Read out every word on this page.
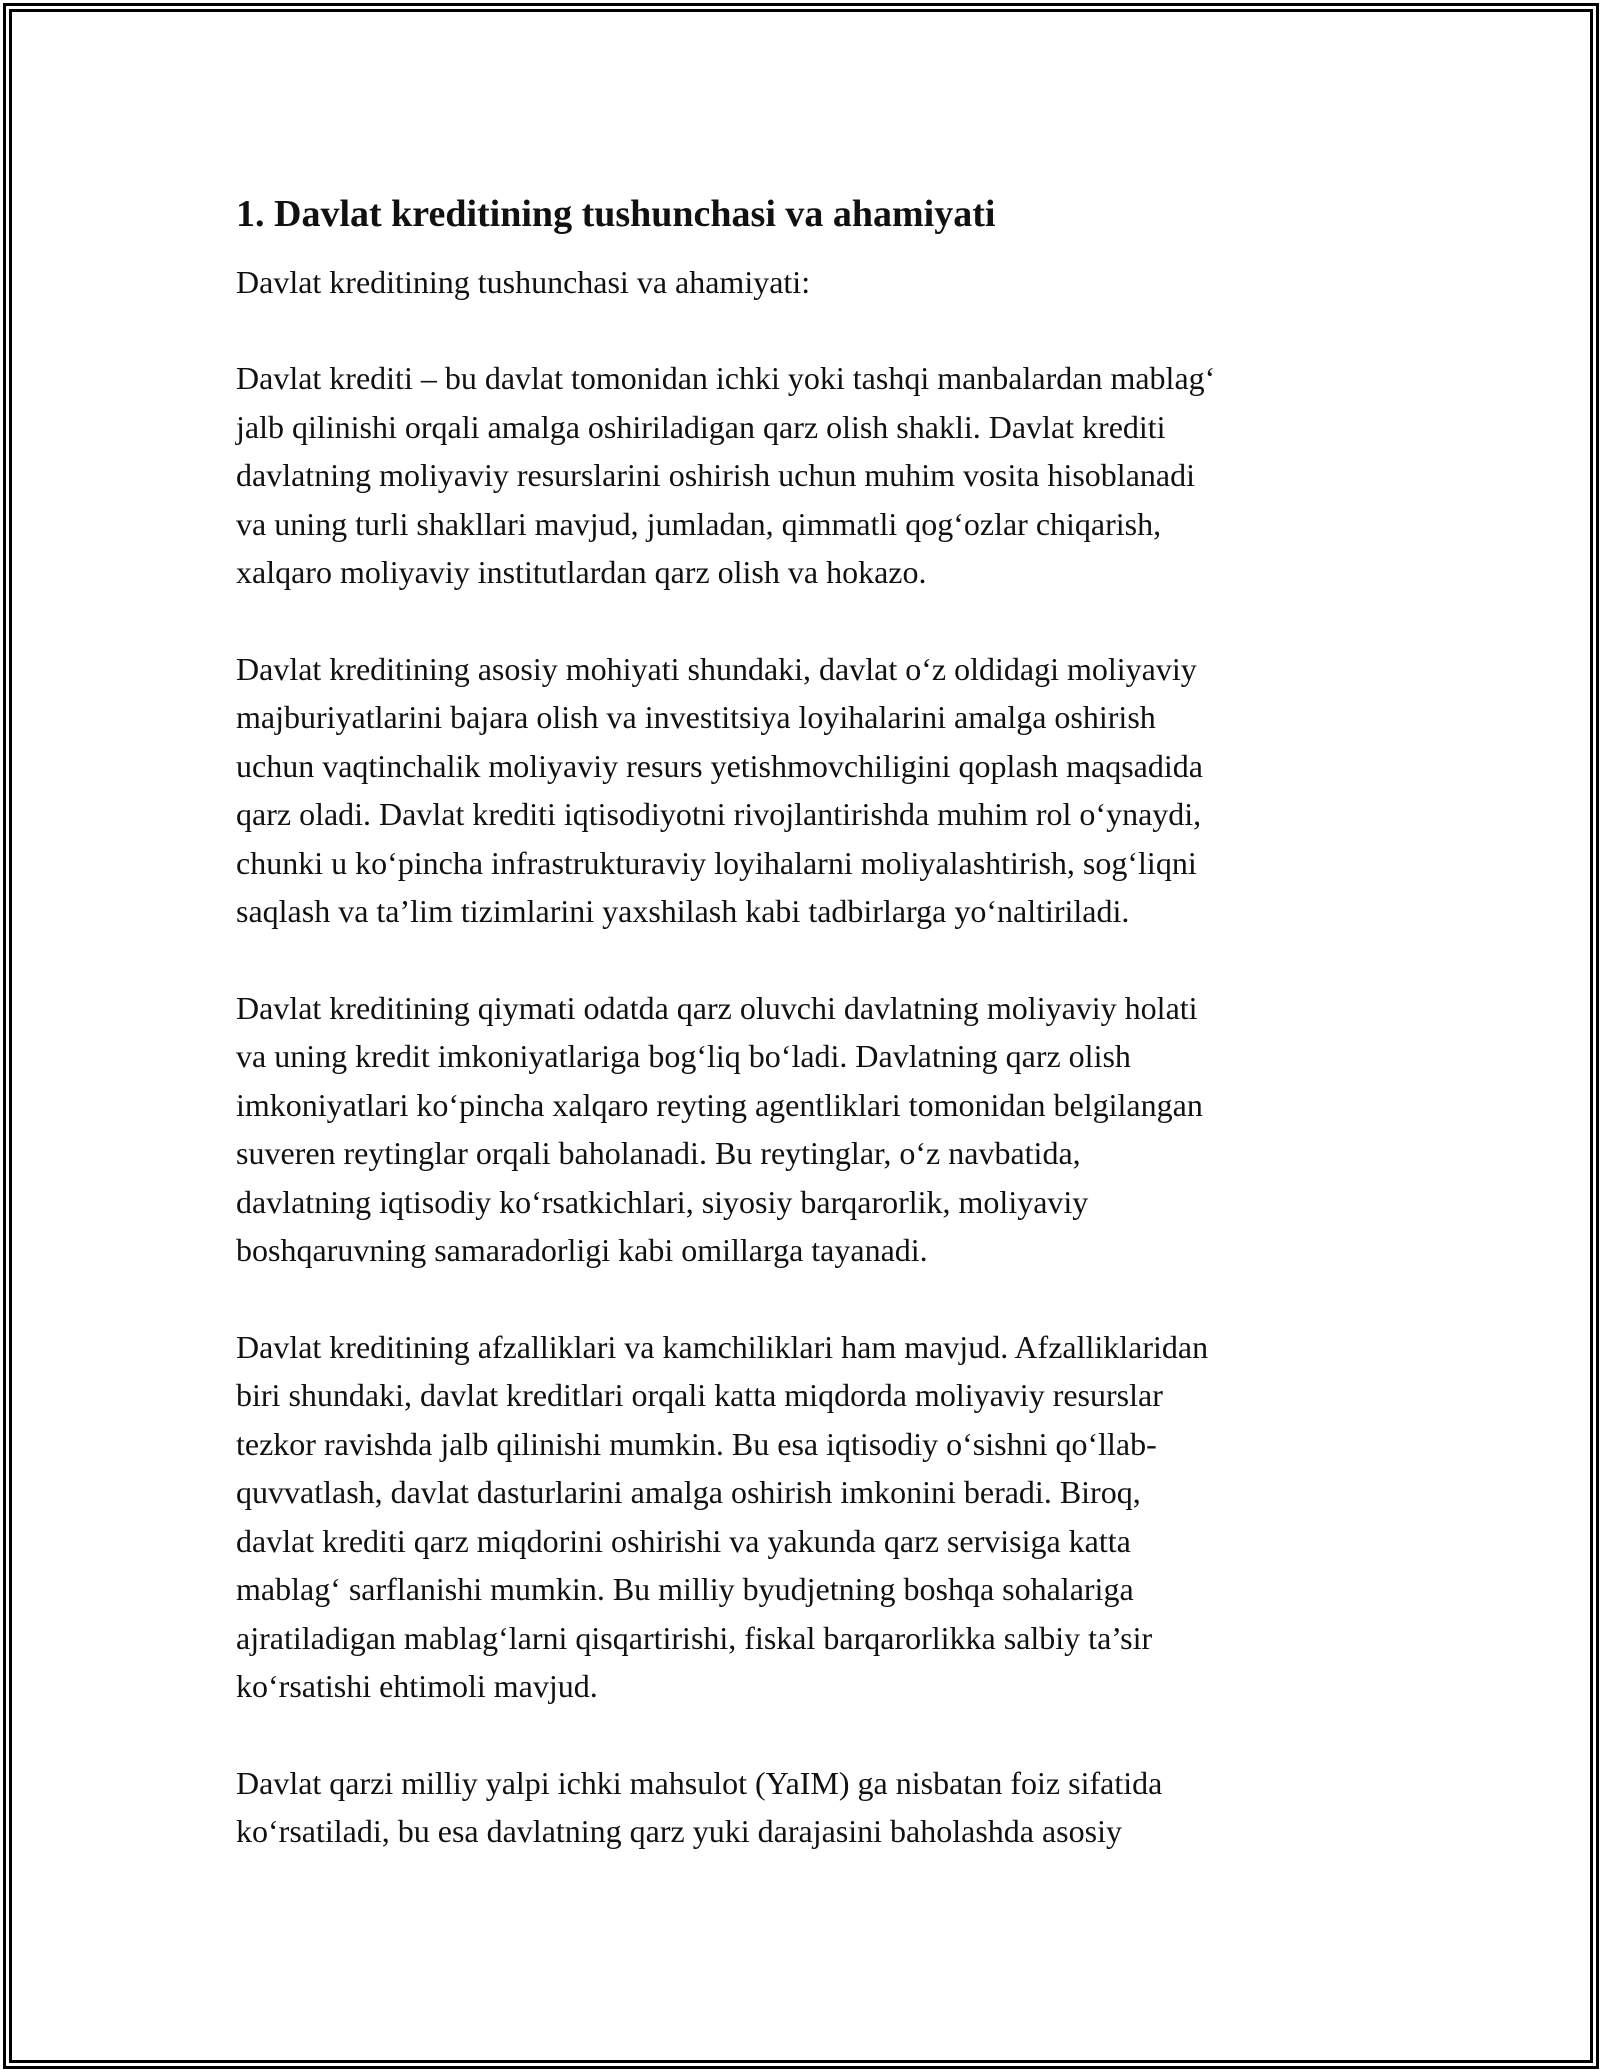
1. Davlat kreditining tushunchasi va ahamiyati

Davlat kreditining tushunchasi va ahamiyati:

Davlat krediti – bu davlat tomonidan ichki yoki tashqi manbalardan mablag‘
jalb qilinishi orqali amalga oshiriladigan qarz olish shakli. Davlat krediti
davlatning moliyaviy resurslarini oshirish uchun muhim vosita hisoblanadi
va uning turli shakllari mavjud, jumladan, qimmatli qog‘ozlar chiqarish,
xalqaro moliyaviy institutlardan qarz olish va hokazo.

Davlat kreditining asosiy mohiyati shundaki, davlat o‘z oldidagi moliyaviy
majburiyatlarini bajara olish va investitsiya loyihalarini amalga oshirish
uchun vaqtinchalik moliyaviy resurs yetishmovchiligini qoplash maqsadida
qarz oladi. Davlat krediti iqtisodiyotni rivojlantirishda muhim rol o‘ynaydi,
chunki u ko‘pincha infrastrukturaviy loyihalarni moliyalashtirish, sog‘liqni
saqlash va ta’lim tizimlarini yaxshilash kabi tadbirlarga yo‘naltiriladi.

Davlat kreditining qiymati odatda qarz oluvchi davlatning moliyaviy holati
va uning kredit imkoniyatlariga bog‘liq bo‘ladi. Davlatning qarz olish
imkoniyatlari ko‘pincha xalqaro reyting agentliklari tomonidan belgilangan
suveren reytinglar orqali baholanadi. Bu reytinglar, o‘z navbatida,
davlatning iqtisodiy ko‘rsatkichlari, siyosiy barqarorlik, moliyaviy
boshqaruvning samaradorligi kabi omillarga tayanadi.

Davlat kreditining afzalliklari va kamchiliklari ham mavjud. Afzalliklaridan
biri shundaki, davlat kreditlari orqali katta miqdorda moliyaviy resurslar
tezkor ravishda jalb qilinishi mumkin. Bu esa iqtisodiy o‘sishni qo‘llab-
quvvatlash, davlat dasturlarini amalga oshirish imkonini beradi. Biroq,
davlat krediti qarz miqdorini oshirishi va yakunda qarz servisiga katta
mablag‘ sarflanishi mumkin. Bu milliy byudjetning boshqa sohalariga
ajratiladigan mablag‘larni qisqartirishi, fiskal barqarorlikka salbiy ta’sir
ko‘rsatishi ehtimoli mavjud.

Davlat qarzi milliy yalpi ichki mahsulot (YaIM) ga nisbatan foiz sifatida
ko‘rsatiladi, bu esa davlatning qarz yuki darajasini baholashda asosiy
